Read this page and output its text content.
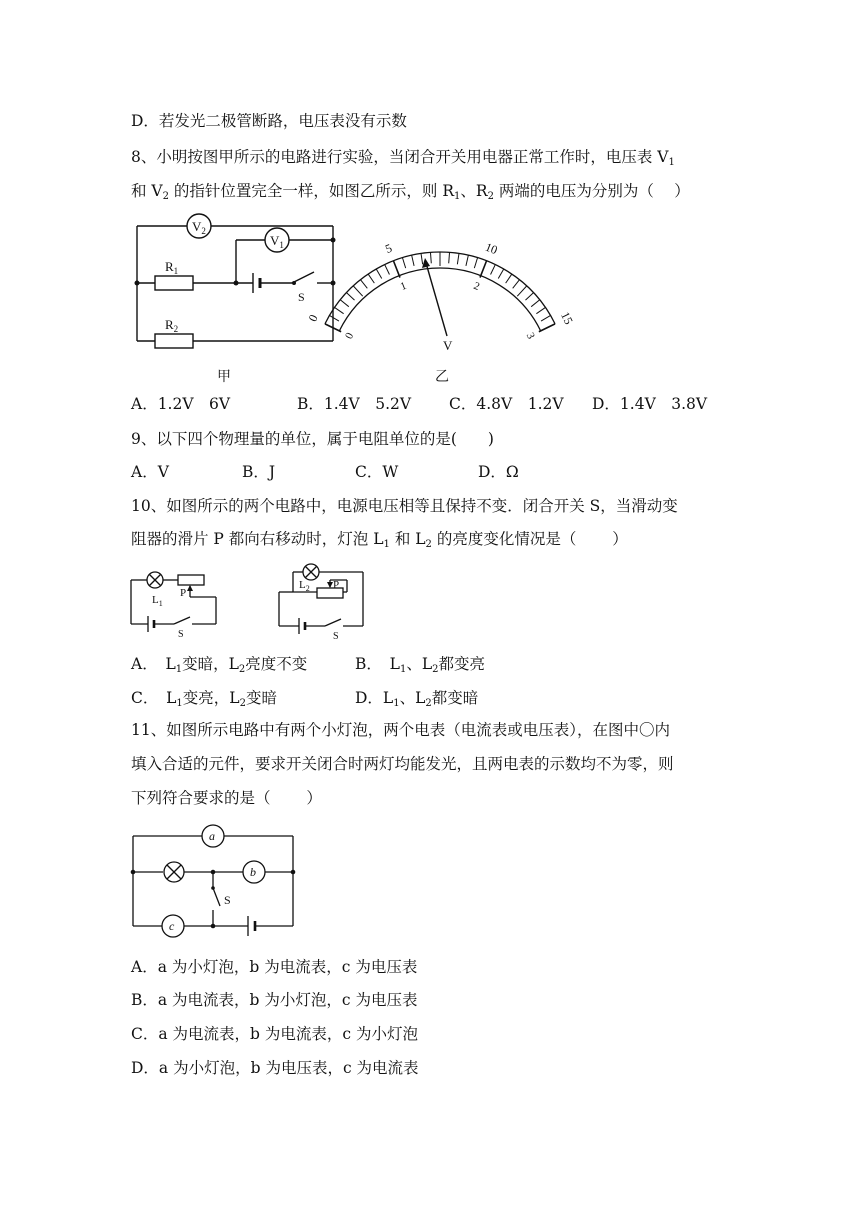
D．若发光二极管断路，电压表没有示数
8、小明按图甲所示的电路进行实验，当闭合开关用电器正常工作时，电压表 $V_1$
和 $V_2$ 的指针位置完全一样，如图乙所示，则 $R_1$、$R_2$ 两端的电压为分别为（　 ）
$V_2$
$V_1$
$R_1$
$R_2$
S
甲
0
5	10
15
0
1	2
3
V
乙
A．1.2V　6V	B．1.4V　5.2V C．4.8V　1.2V D．1.4V　3.8V
9、以下四个物理量的单位，属于电阻单位的是(　　)
A．V	B．J	C．W	D．Ω
10、如图所示的两个电路中，电源电压相等且保持不变．闭合开关 S，当滑动变
阻器的滑片 P 都向右移动时，灯泡 $L_1$ 和 $L_2$ 的亮度变化情况是（　　 ）
$L_1$
P
S
$L_2$ P
S
A．　$L_1$变暗，$L_2$亮度不变	B．　$L_1$、$L_2$都变亮
C．　$L_1$变亮，$L_2$变暗	D．$L_1$、$L_2$都变暗
11、如图所示电路中有两个小灯泡，两个电表（电流表或电压表），在图中〇内
填入合适的元件，要求开关闭合时两灯均能发光，且两电表的示数均不为零，则
下列符合要求的是（　　 ）
a
b
c
S
A．a 为小灯泡，b 为电流表，c 为电压表
B．a 为电流表，b 为小灯泡，c 为电压表
C．a 为电流表，b 为电流表，c 为小灯泡
D．a 为小灯泡，b 为电压表，c 为电流表
